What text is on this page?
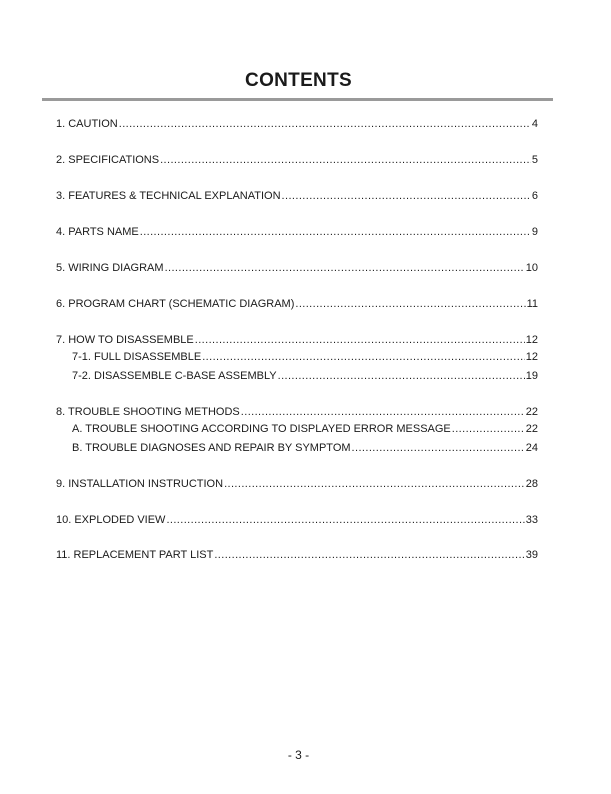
CONTENTS
1. CAUTION .....	4
2. SPECIFICATIONS .....	5
3. FEATURES & TECHNICAL EXPLANATION .....	6
4. PARTS NAME .....	9
5. WIRING DIAGRAM .....	10
6. PROGRAM CHART (SCHEMATIC DIAGRAM) .....	11
7. HOW TO DISASSEMBLE .....	12
7-1. FULL DISASSEMBLE .....	12
7-2. DISASSEMBLE C-BASE ASSEMBLY .....	19
8. TROUBLE SHOOTING METHODS .....	22
A. TROUBLE SHOOTING ACCORDING TO DISPLAYED ERROR MESSAGE .....	22
B. TROUBLE DIAGNOSES AND REPAIR BY SYMPTOM .....	24
9. INSTALLATION INSTRUCTION .....	28
10. EXPLODED VIEW .....	33
11. REPLACEMENT PART LIST .....	39
- 3 -
